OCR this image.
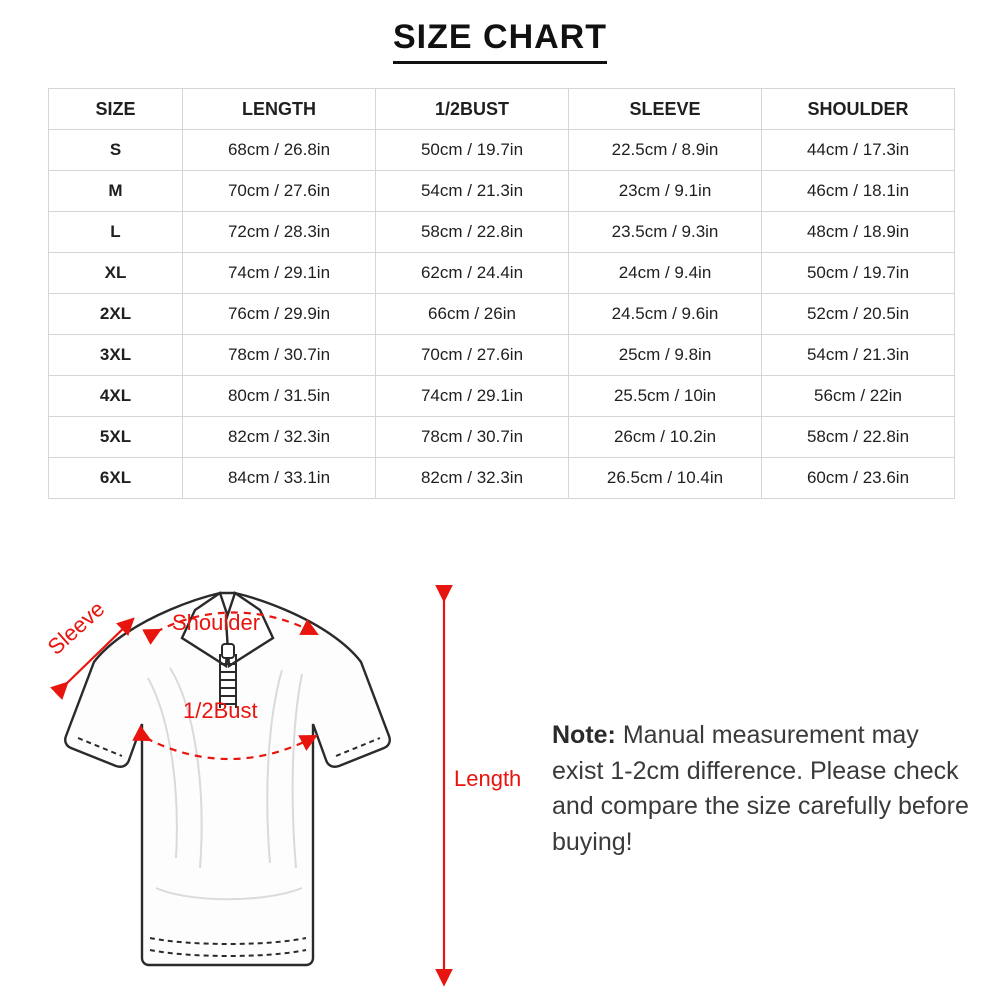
SIZE CHART
SIZE	LENGTH	1/2BUST	SLEEVE	SHOULDER
S	68cm / 26.8in	50cm / 19.7in	22.5cm / 8.9in	44cm / 17.3in
M	70cm / 27.6in	54cm / 21.3in	23cm / 9.1in	46cm / 18.1in
L	72cm / 28.3in	58cm / 22.8in	23.5cm / 9.3in	48cm / 18.9in
XL	74cm / 29.1in	62cm / 24.4in	24cm / 9.4in	50cm / 19.7in
2XL	76cm / 29.9in	66cm / 26in	24.5cm / 9.6in	52cm / 20.5in
3XL	78cm / 30.7in	70cm / 27.6in	25cm / 9.8in	54cm / 21.3in
4XL	80cm / 31.5in	74cm / 29.1in	25.5cm / 10in	56cm / 22in
5XL	82cm / 32.3in	78cm / 30.7in	26cm / 10.2in	58cm / 22.8in
6XL	84cm / 33.1in	82cm / 32.3in	26.5cm / 10.4in	60cm / 23.6in
Sleeve	Shoulder
1/2Bust
Length
Note: Manual measurement may exist 1-2cm difference. Please check and compare the size carefully before buying!
